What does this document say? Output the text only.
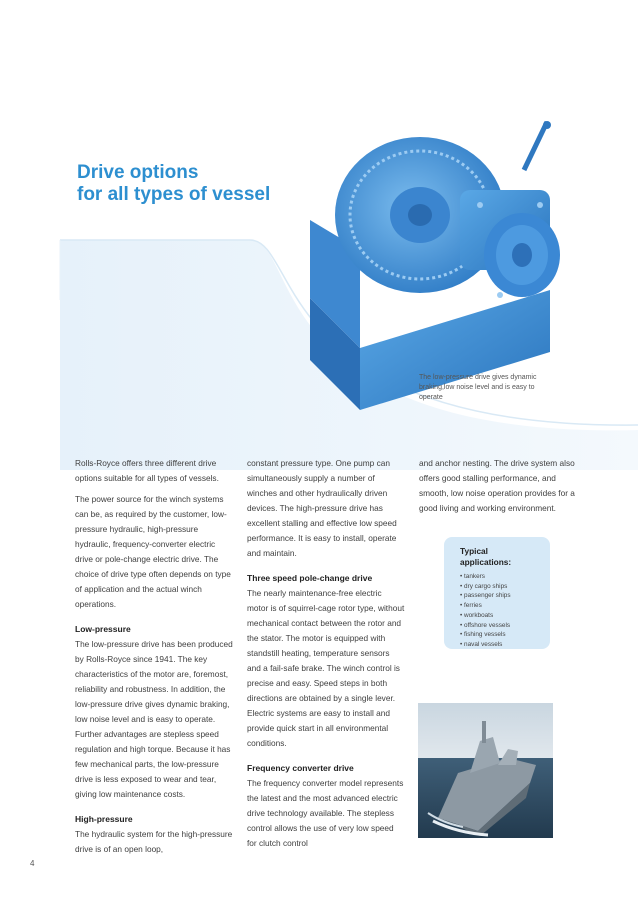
Drive options
for all types of vessel
The low-pressure drive gives dynamic braking,low noise level and is easy to operate

Rolls-Royce offers three different drive options suitable for all types of vessels.

The power source for the winch systems can be, as required by the customer, low-pressure hydraulic, high-pressure hydraulic, frequency-converter electric drive or pole-change electric drive. The choice of drive type often depends on type of application and the actual winch operations.

Low-pressure

The low-pressure drive has been produced by Rolls-Royce since 1941. The key characteristics of the motor are, foremost, reliability and robustness. In addition, the low-pressure drive gives dynamic braking, low noise level and is easy to operate. Further advantages are stepless speed regulation and high torque. Because it has few mechanical parts, the low-pressure drive is less exposed to wear and tear, giving low maintenance costs.

High-pressure

The hydraulic system for the high-pressure drive is of an open loop,

constant pressure type. One pump can simultaneously supply a number of winches and other hydraulically driven devices. The high-pressure drive has excellent stalling and effective low speed performance. It is easy to install, operate and maintain.

Three speed pole-change drive

The nearly maintenance-free electric motor is of squirrel-cage rotor type, without mechanical contact between the rotor and the stator. The motor is equipped with standstill heating, temperature sensors and a fail-safe brake. The winch control is precise and easy. Speed steps in both directions are obtained by a single lever. Electric systems are easy to install and provide quick start in all environmental conditions.

Frequency converter drive

The frequency converter model represents the latest and the most advanced electric drive technology available. The stepless control allows the use of very low speed for clutch control

and anchor nesting. The drive system also offers good stalling performance, and smooth, low noise operation provides for a good living and working environment.

Typical
applications:
• tankers
• dry cargo ships
• passenger ships
• ferries
• workboats
• offshore vessels
• fishing vessels
• naval vessels
4
